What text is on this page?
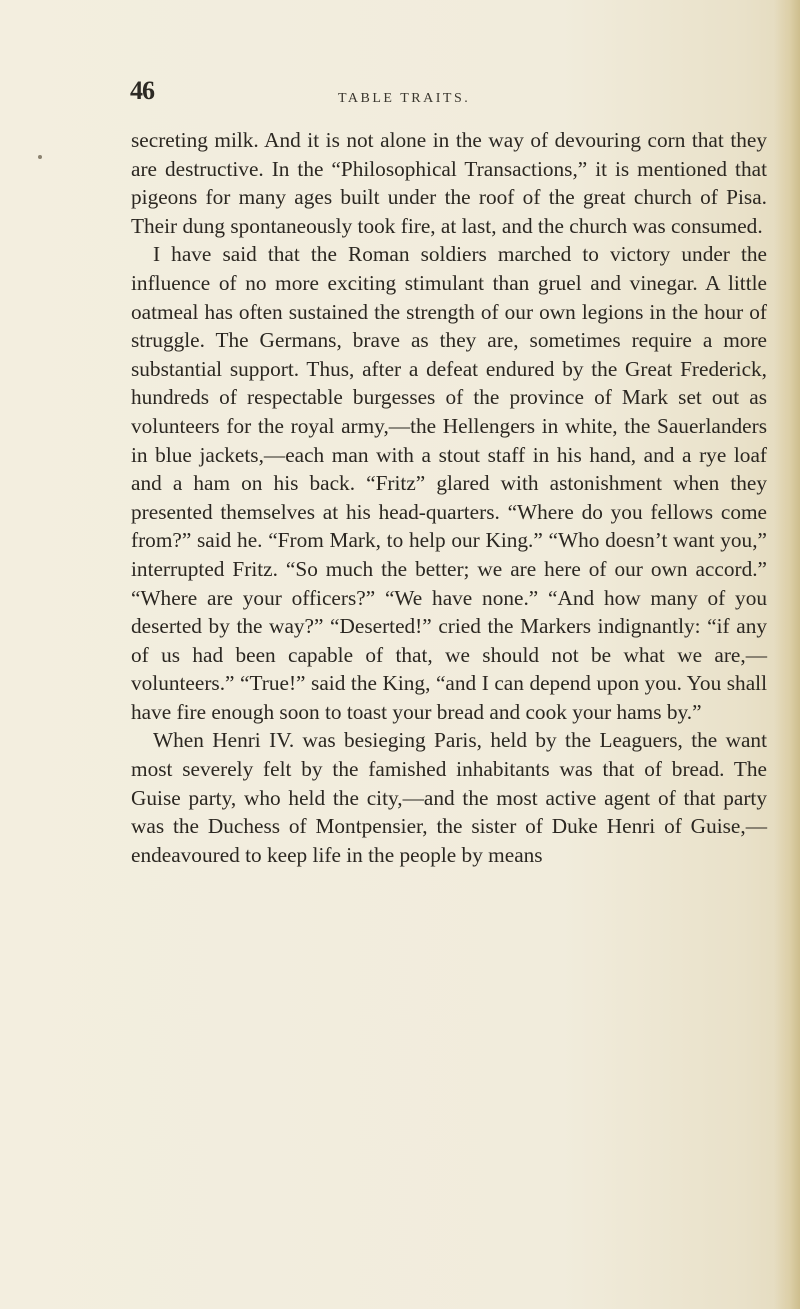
46	TABLE TRAITS.

secreting milk. And it is not alone in the way of devouring corn that they are destructive. In the “Philosophical Transactions,” it is mentioned that pigeons for many ages built under the roof of the great church of Pisa. Their dung spontaneously took fire, at last, and the church was consumed.

I have said that the Roman soldiers marched to victory under the influence of no more exciting stimulant than gruel and vinegar. A little oatmeal has often sustained the strength of our own legions in the hour of struggle. The Germans, brave as they are, sometimes require a more substantial support. Thus, after a defeat endured by the Great Frederick, hundreds of respectable burgesses of the province of Mark set out as volunteers for the royal army,—the Hellengers in white, the Sauerlanders in blue jackets,—each man with a stout staff in his hand, and a rye loaf and a ham on his back. “Fritz” glared with astonishment when they presented themselves at his head-quarters. “Where do you fellows come from?” said he. “From Mark, to help our King.” “Who doesn’t want you,” interrupted Fritz. “So much the better; we are here of our own accord.” “Where are your officers?” “We have none.” “And how many of you deserted by the way?” “Deserted!” cried the Markers indignantly: “if any of us had been capable of that, we should not be what we are,—volunteers.” “True!” said the King, “and I can depend upon you. You shall have fire enough soon to toast your bread and cook your hams by.”

When Henri IV. was besieging Paris, held by the Leaguers, the want most severely felt by the famished inhabitants was that of bread. The Guise party, who held the city,—and the most active agent of that party was the Duchess of Montpensier, the sister of Duke Henri of Guise,—endeavoured to keep life in the people by means
